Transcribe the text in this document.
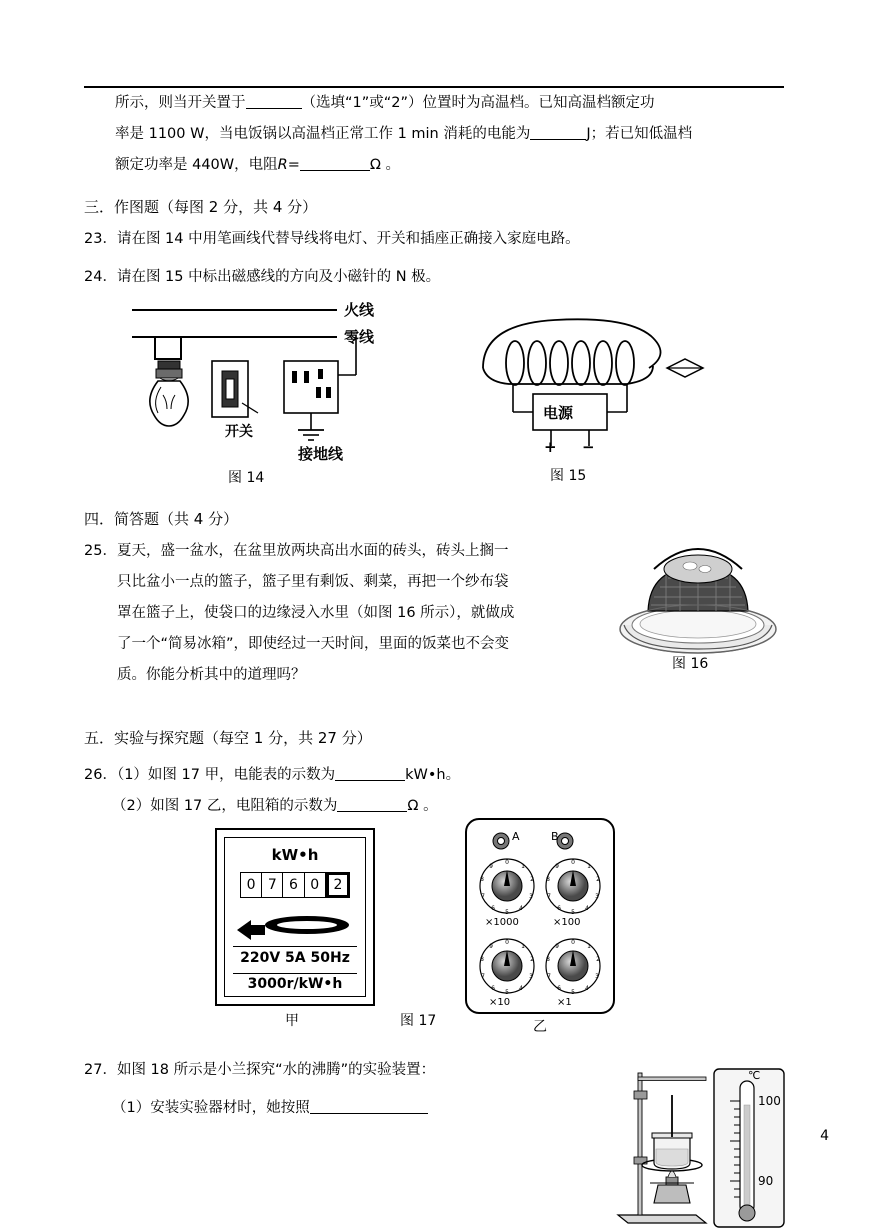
所示，则当开关置于	（选填“1”或“2”）位置时为高温档。已知高温档额定功
率是 1100 W，当电饭锅以高温档正常工作 1 min 消耗的电能为	J；若已知低温档
额定功率是 440W，电阻R=	Ω 。
三．作图题（每图 2 分，共 4 分）
23．请在图 14 中用笔画线代替导线将电灯、开关和插座正确接入家庭电路。
24．请在图 15 中标出磁感线的方向及小磁针的 N 极。
火线
零线
开关
接地线
图 14
电源
+ −
图 15
四．简答题（共 4 分）
25． 夏天，盛一盆水，在盆里放两块高出水面的砖头，砖头上搁一
只比盆小一点的篮子，篮子里有剩饭、剩菜，再把一个纱布袋
罩在篮子上，使袋口的边缘浸入水里（如图 16 所示），就做成
了一个“简易冰箱”，即使经过一天时间，里面的饭菜也不会变
质。你能分析其中的道理吗？
图 16
五．实验与探究题（每空 1 分，共 27 分）
26．（1）如图 17 甲，电能表的示数为	kW•h。
（2）如图 17 乙，电阻箱的示数为	Ω 。
kW•h
0 7 6 0	2
220V 5A 50Hz
3000r/kW•h
甲	图 17
A	B
0
1
2
3
4
5
6
7
8
9
×1000
0
1
2
3
4
5
6
7
8
9
×100
0
1
2
3
4
5
6
7
8
9
×10
0
1
2
3
4
5
6
7
8
9
×1
乙
27．如图 18 所示是小兰探究“水的沸腾”的实验装置：
（1）安装实验器材时，她按照
℃
100
90
4
